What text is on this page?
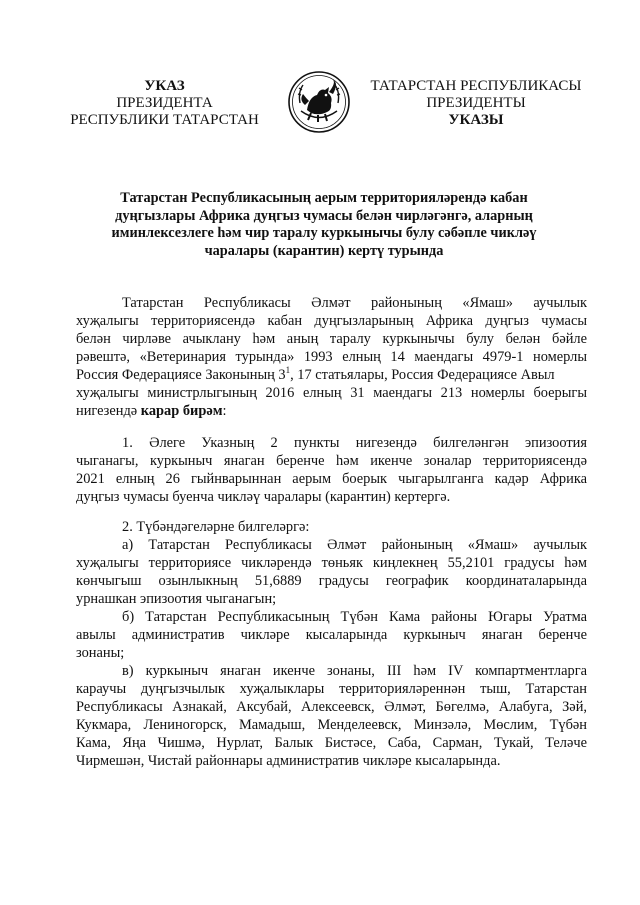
УКАЗ
ПРЕЗИДЕНТА
РЕСПУБЛИКИ ТАТАРСТАН
ТАТАРСТАН РЕСПУБЛИКАСЫ
ПРЕЗИДЕНТЫ
УКАЗЫ
Татарстан Республикасының аерым территорияләрендә кабан
дуңгызлары Африка дуңгыз чумасы белән чирләгәнгә, аларның
иминлексезлеге һәм чир таралу куркынычы булу сәбәпле чикләү
чаралары (карантин) кертү турында
Татарстан Республикасы Әлмәт районының «Ямаш» аучылык
хуҗалыгы территориясендә кабан дуңгызларының Африка дуңгыз чумасы
белән чирләве ачыклану һәм аның таралу куркынычы булу белән бәйле
рәвештә, «Ветеринария турында» 1993 елның 14 маендагы 4979-1 номерлы
Россия Федерациясе Законының $3^1$, 17 статьялары, Россия Федерациясе Авыл
хуҗалыгы министрлыгының 2016 елның 31 маендагы 213 номерлы боерыгы
нигезендә карар бирәм:
1. Әлеге Указның 2 пункты нигезендә билгеләнгән эпизоотия
чыганагы, куркыныч янаган беренче һәм икенче зоналар территориясендә
2021 елның 26 гыйнварыннан аерым боерык чыгарылганга кадәр Африка
дуңгыз чумасы буенча чикләү чаралары (карантин) кертергә.
2. Түбәндәгеләрне билгеләргә:
а) Татарстан Республикасы Әлмәт районының «Ямаш» аучылык
хуҗалыгы территориясе чикләрендә төньяк киңлекнең 55,2101 градусы һәм
көнчыгыш озынлыкның 51,6889 градусы географик координаталарында
урнашкан эпизоотия чыганагын;
б) Татарстан Республикасының Түбән Кама районы Югары Уратма
авылы административ чикләре кысаларында куркыныч янаган беренче
зонаны;
в) куркыныч янаган икенче зонаны, III һәм IV компартментларга
караучы дуңгызчылык хуҗалыклары территорияләреннән тыш, Татарстан
Республикасы Азнакай, Аксубай, Алексеевск, Әлмәт, Бөгелмә, Алабуга, Зәй,
Кукмара, Лениногорск, Мамадыш, Менделеевск, Минзәлә, Мөслим, Түбән
Кама, Яңа Чишмә, Нурлат, Балык Бистәсе, Саба, Сарман, Тукай, Теләче
Чирмешән, Чистай районнары административ чикләре кысаларында.
